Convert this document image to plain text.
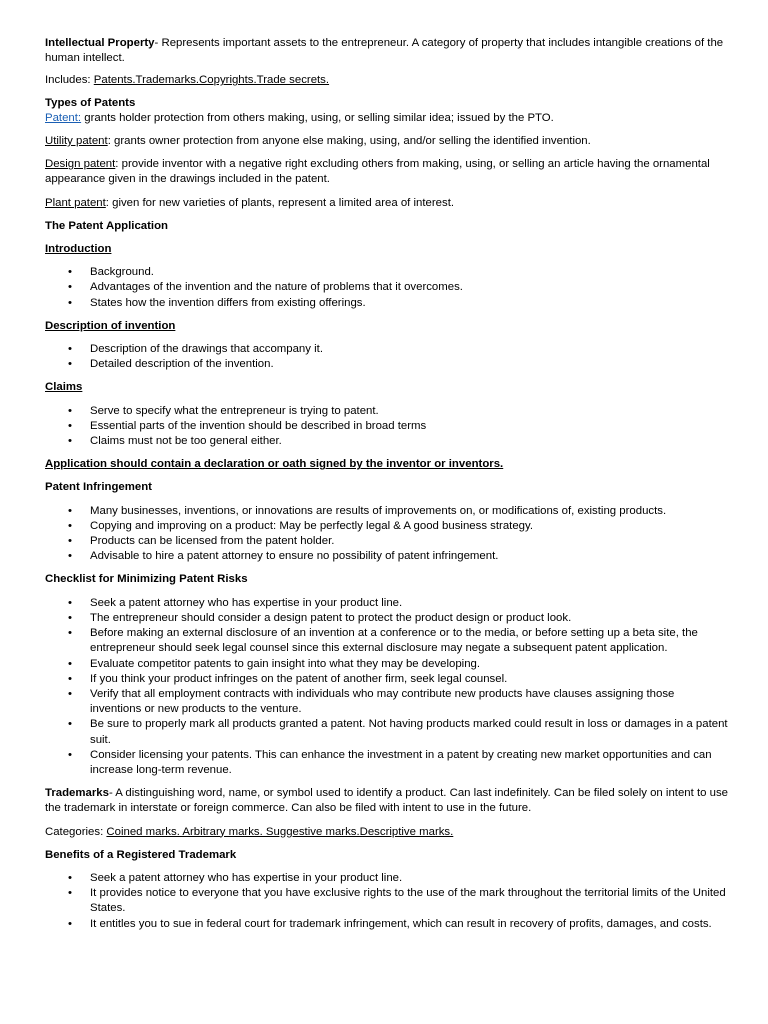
Intellectual Property- Represents important assets to the entrepreneur. A category of property that includes intangible creations of the human intellect.

Includes: Patents.Trademarks.Copyrights.Trade secrets.

Types of Patents

Patent: grants holder protection from others making, using, or selling similar idea; issued by the PTO.

Utility patent: grants owner protection from anyone else making, using, and/or selling the identified invention.

Design patent: provide inventor with a negative right excluding others from making, using, or selling an article having the ornamental appearance given in the drawings included in the patent.

Plant patent: given for new varieties of plants, represent a limited area of interest.

The Patent Application

Introduction

• Background.
• Advantages of the invention and the nature of problems that it overcomes.
• States how the invention differs from existing offerings.

Description of invention

• Description of the drawings that accompany it.
• Detailed description of the invention.

Claims

• Serve to specify what the entrepreneur is trying to patent.
• Essential parts of the invention should be described in broad terms
• Claims must not be too general either.

Application should contain a declaration or oath signed by the inventor or inventors.

Patent Infringement

• Many businesses, inventions, or innovations are results of improvements on, or modifications of, existing products.
• Copying and improving on a product: May be perfectly legal & A good business strategy.
• Products can be licensed from the patent holder.
• Advisable to hire a patent attorney to ensure no possibility of patent infringement.

Checklist for Minimizing Patent Risks

• Seek a patent attorney who has expertise in your product line.
• The entrepreneur should consider a design patent to protect the product design or product look.
• Before making an external disclosure of an invention at a conference or to the media, or before setting up a beta site, the entrepreneur should seek legal counsel since this external disclosure may negate a subsequent patent application.
• Evaluate competitor patents to gain insight into what they may be developing.
• If you think your product infringes on the patent of another firm, seek legal counsel.
• Verify that all employment contracts with individuals who may contribute new products have clauses assigning those inventions or new products to the venture.
• Be sure to properly mark all products granted a patent. Not having products marked could result in loss or damages in a patent suit.
• Consider licensing your patents. This can enhance the investment in a patent by creating new market opportunities and can increase long-term revenue.

Trademarks- A distinguishing word, name, or symbol used to identify a product. Can last indefinitely. Can be filed solely on intent to use the trademark in interstate or foreign commerce. Can also be filed with intent to use in the future.

Categories: Coined marks. Arbitrary marks. Suggestive marks.Descriptive marks.

Benefits of a Registered Trademark

• Seek a patent attorney who has expertise in your product line.
• It provides notice to everyone that you have exclusive rights to the use of the mark throughout the territorial limits of the United States.
• It entitles you to sue in federal court for trademark infringement, which can result in recovery of profits, damages, and costs.
